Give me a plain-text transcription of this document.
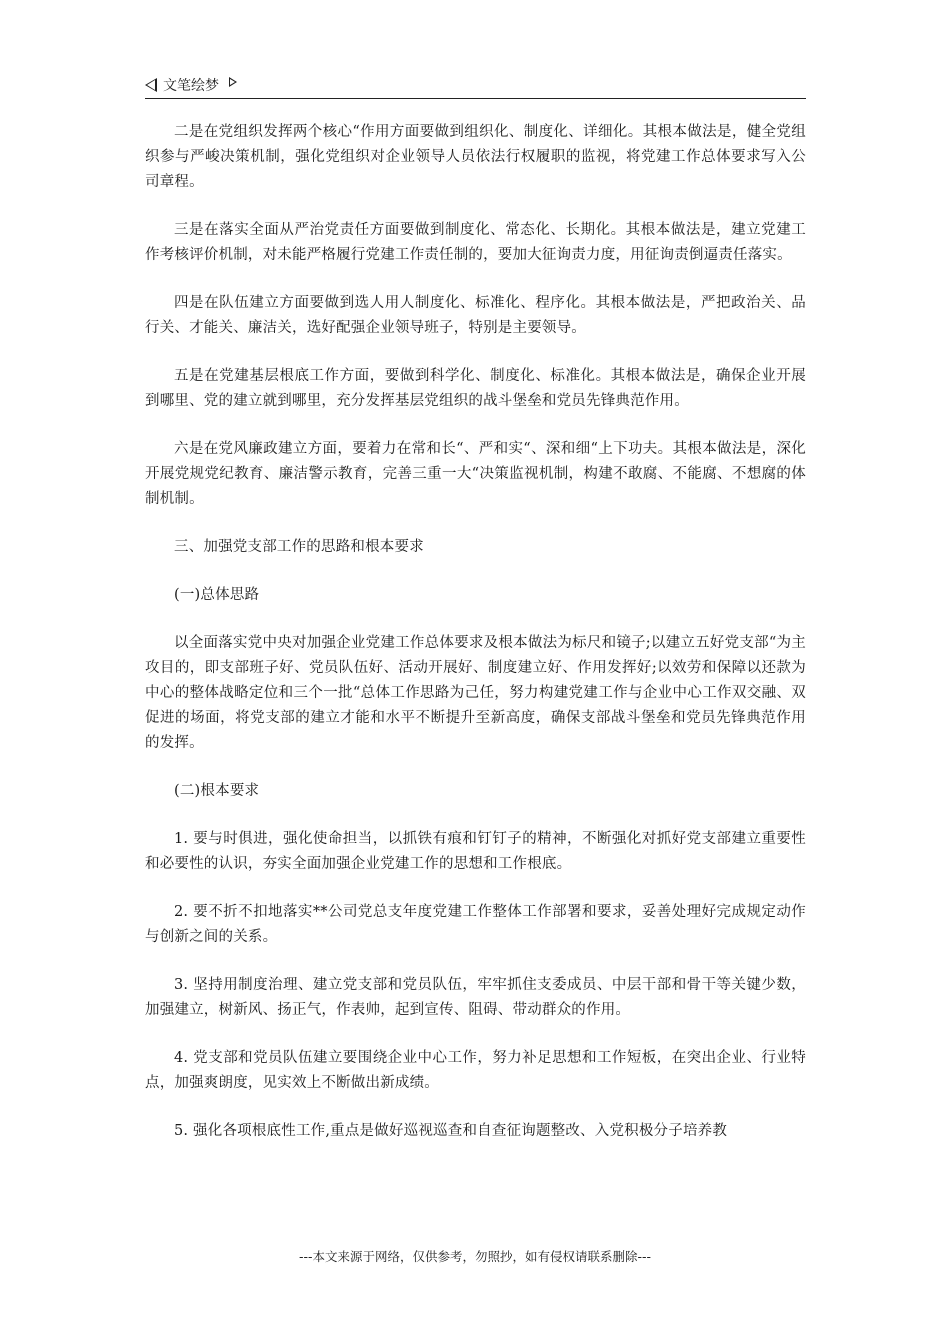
文笔绘梦

二是在党组织发挥两个核心“作用方面要做到组织化、制度化、详细化。其根本做法是，健全党组织参与严峻决策机制，强化党组织对企业领导人员依法行权履职的监视，将党建工作总体要求写入公司章程。

三是在落实全面从严治党责任方面要做到制度化、常态化、长期化。其根本做法是，建立党建工作考核评价机制，对未能严格履行党建工作责任制的，要加大征询责力度，用征询责倒逼责任落实。

四是在队伍建立方面要做到选人用人制度化、标准化、程序化。其根本做法是，严把政治关、品行关、才能关、廉洁关，选好配强企业领导班子，特别是主要领导。

五是在党建基层根底工作方面，要做到科学化、制度化、标准化。其根本做法是，确保企业开展到哪里、党的建立就到哪里，充分发挥基层党组织的战斗堡垒和党员先锋典范作用。

六是在党风廉政建立方面，要着力在常和长“、严和实“、深和细“上下功夫。其根本做法是，深化开展党规党纪教育、廉洁警示教育，完善三重一大“决策监视机制，构建不敢腐、不能腐、不想腐的体制机制。

三、加强党支部工作的思路和根本要求

(一)总体思路

以全面落实党中央对加强企业党建工作总体要求及根本做法为标尺和镜子;以建立五好党支部“为主攻目的，即支部班子好、党员队伍好、活动开展好、制度建立好、作用发挥好;以效劳和保障以还款为中心的整体战略定位和三个一批“总体工作思路为己任，努力构建党建工作与企业中心工作双交融、双促进的场面，将党支部的建立才能和水平不断提升至新高度，确保支部战斗堡垒和党员先锋典范作用的发挥。

(二)根本要求

1. 要与时俱进，强化使命担当，以抓铁有痕和钉钉子的精神，不断强化对抓好党支部建立重要性和必要性的认识，夯实全面加强企业党建工作的思想和工作根底。

2. 要不折不扣地落实**公司党总支年度党建工作整体工作部署和要求，妥善处理好完成规定动作与创新之间的关系。

3. 坚持用制度治理、建立党支部和党员队伍，牢牢抓住支委成员、中层干部和骨干等关键少数，加强建立，树新风、扬正气，作表帅，起到宣传、阻碍、带动群众的作用。

4. 党支部和党员队伍建立要围绕企业中心工作，努力补足思想和工作短板，在突出企业、行业特点，加强爽朗度，见实效上不断做出新成绩。

5. 强化各项根底性工作,重点是做好巡视巡查和自查征询题整改、入党积极分子培养教

---本文来源于网络，仅供参考，勿照抄，如有侵权请联系删除---
